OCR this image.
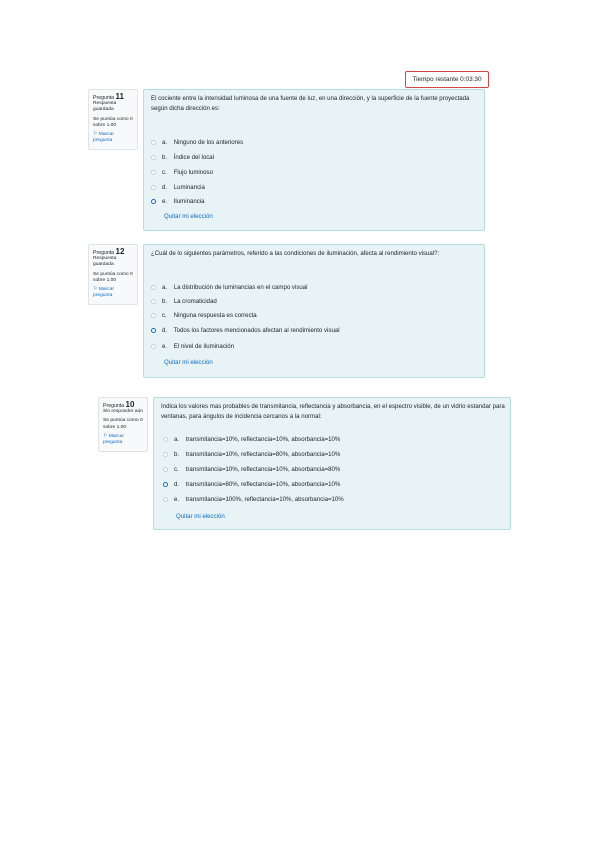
Tiempo restante 0:03:30
Pregunta 11
Respuesta guardada
Se puntúa como 0 sobre 1.00
⚐ Marcar pregunta
El cociente entre la intensidad luminosa de una fuente de luz, en una dirección, y la superficie de la fuente proyectada según dicha dirección es:
a. Ninguno de los anteriores
b. Índice del local
c. Flujo luminoso
d. Luminancia
e. Iluminancia
Quitar mi elección
Pregunta 12
Respuesta guardada
Se puntúa como 0 sobre 1.00
⚐ Marcar pregunta
¿Cuál de lo siguientes parámetros, referido a las condiciones de iluminación, afecta al rendimiento visual?:
a. La distribución de luminancias en el campo visual
b. La cromaticidad
c. Ninguna respuesta es correcta
d. Todos los factores mencionados afectan al rendimiento visual
e. El nivel de iluminación
Quitar mi elección
Pregunta 10
Sin responder aún
Se puntúa como 0 sobre 1.00
⚐ Marcar pregunta
Indica los valores mas probables de transmitancia, reflectancia y absorbancia, en el espectro visible, de un vidrio estandar para ventanas, para ángulos de incidencia cercanos a la normal:
a. transmitancia=10%, reflectancia=10%, absorbancia=10%
b. transmitancia=10%, reflectancia=80%, absorbancia=10%
c. transmitancia=10%, reflectancia=10%, absorbancia=80%
d. transmitancia=80%, reflectancia=10%, absorbancia=10%
e. transmitancia=100%, reflectancia=10%, absorbancia=10%
Quitar mi elección
